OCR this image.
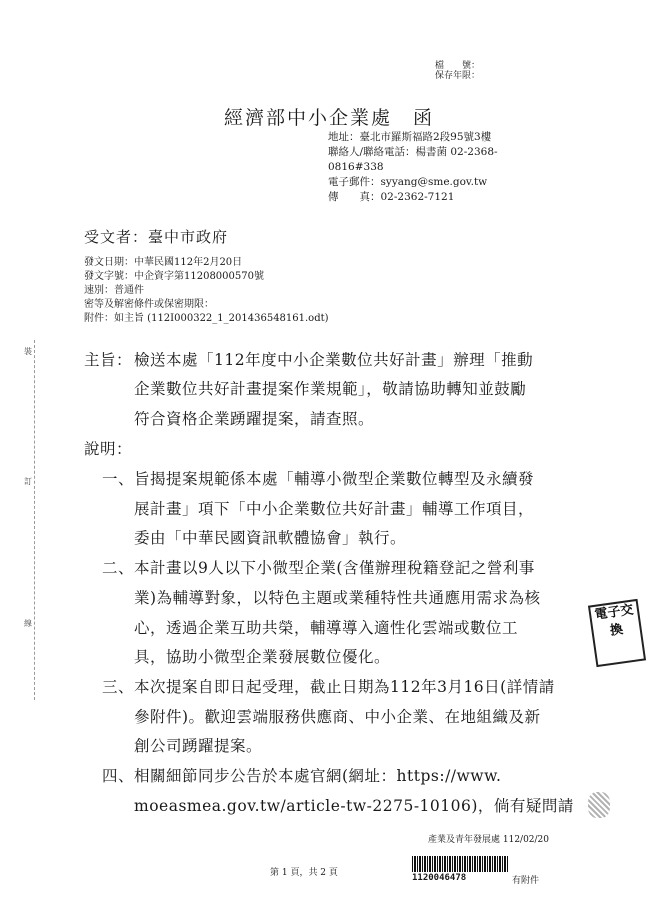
檔　　號：
保存年限：
經濟部中小企業處　函
地址：臺北市羅斯福路2段95號3樓
聯絡人/聯絡電話：楊書菌 02-2368-
0816#338
電子郵件：syyang@sme.gov.tw
傳　　真：02-2362-7121
受文者：臺中市政府
發文日期：中華民國112年2月20日
發文字號：中企資字第11208000570號
速別：普通件
密等及解密條件或保密期限：
附件：如主旨 (112I000322_1_201436548161.odt)
裝
訂
線
主旨： 檢送本處「112年度中小企業數位共好計畫」辦理「推動
企業數位共好計畫提案作業規範」，敬請協助轉知並鼓勵
符合資格企業踴躍提案，請查照。
說明：
一、 旨揭提案規範係本處「輔導小微型企業數位轉型及永續發
展計畫」項下「中小企業數位共好計畫」輔導工作項目，
委由「中華民國資訊軟體協會」執行。
二、 本計畫以9人以下小微型企業(含僅辦理稅籍登記之營利事
業)為輔導對象，以特色主題或業種特性共通應用需求為核
心，透過企業互助共榮，輔導導入適性化雲端或數位工
具，協助小微型企業發展數位優化。
三、 本次提案自即日起受理，截止日期為112年3月16日(詳情請
參附件)。歡迎雲端服務供應商、中小企業、在地組織及新
創公司踴躍提案。
四、 相關細節同步公告於本處官網(網址：https://www.
moeasmea.gov.tw/article-tw-2275-10106)，倘有疑問請
電子交換
第 1 頁，共 2 頁
產業及青年發展處 112/02/20
1120046478	有附件
